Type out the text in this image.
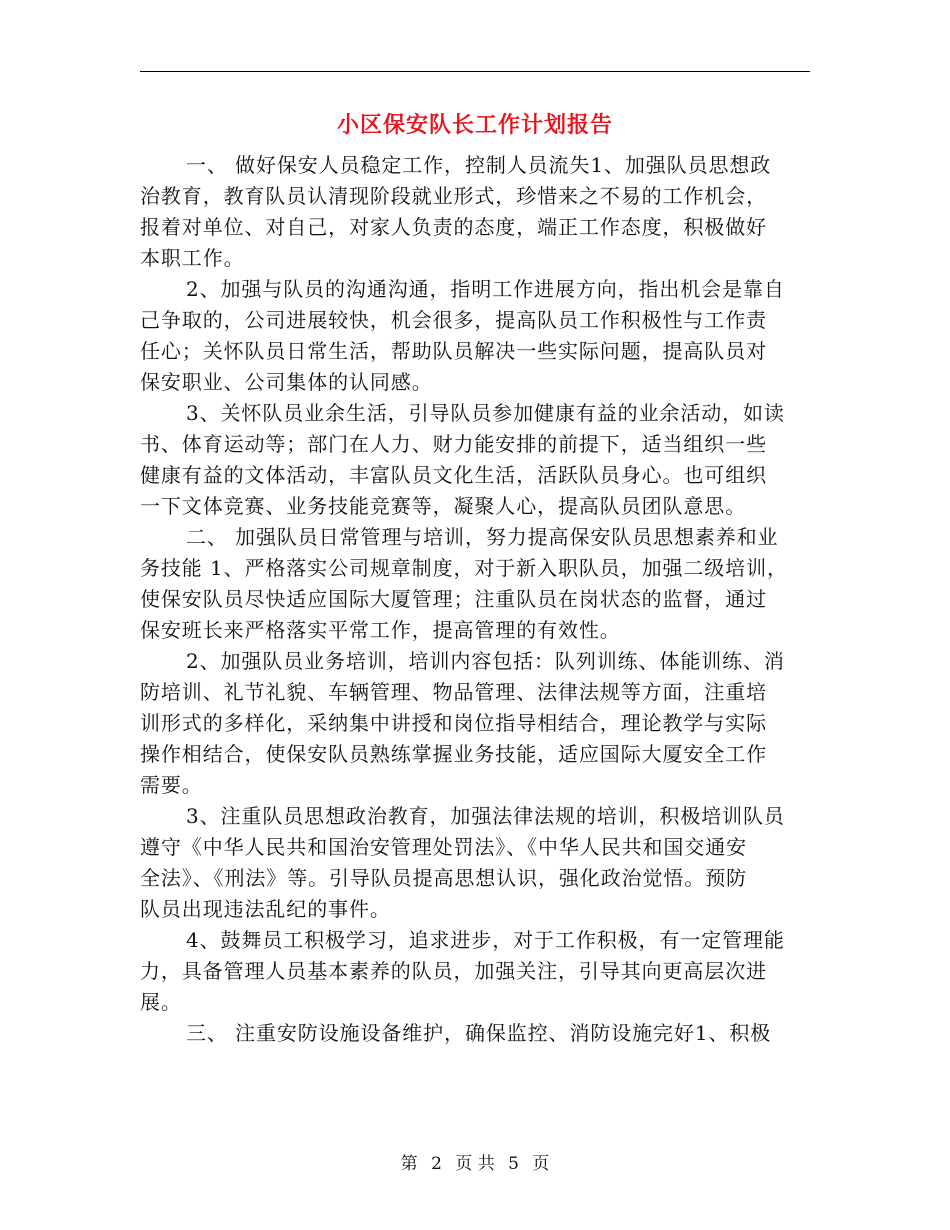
小区保安队长工作计划报告
一、 做好保安人员稳定工作，控制人员流失1、加强队员思想政
治教育，教育队员认清现阶段就业形式，珍惜来之不易的工作机会，
报着对单位、对自己，对家人负责的态度，端正工作态度，积极做好
本职工作。
2、加强与队员的沟通沟通，指明工作进展方向，指出机会是靠自
己争取的，公司进展较快，机会很多，提高队员工作积极性与工作责
任心；关怀队员日常生活，帮助队员解决一些实际问题，提高队员对
保安职业、公司集体的认同感。
3、关怀队员业余生活，引导队员参加健康有益的业余活动，如读
书、体育运动等；部门在人力、财力能安排的前提下，适当组织一些
健康有益的文体活动，丰富队员文化生活，活跃队员身心。也可组织
一下文体竞赛、业务技能竞赛等，凝聚人心，提高队员团队意思。
二、 加强队员日常管理与培训，努力提高保安队员思想素养和业
务技能 1、严格落实公司规章制度，对于新入职队员，加强二级培训，
使保安队员尽快适应国际大厦管理；注重队员在岗状态的监督，通过
保安班长来严格落实平常工作，提高管理的有效性。
2、加强队员业务培训，培训内容包括：队列训练、体能训练、消
防培训、礼节礼貌、车辆管理、物品管理、法律法规等方面，注重培
训形式的多样化，采纳集中讲授和岗位指导相结合，理论教学与实际
操作相结合，使保安队员熟练掌握业务技能，适应国际大厦安全工作
需要。
3、注重队员思想政治教育，加强法律法规的培训，积极培训队员
遵守《中华人民共和国治安管理处罚法》、《中华人民共和国交通安
全法》、《刑法》等。引导队员提高思想认识，强化政治觉悟。预防
队员出现违法乱纪的事件。
4、鼓舞员工积极学习，追求进步，对于工作积极，有一定管理能
力，具备管理人员基本素养的队员，加强关注，引导其向更高层次进
展。
三、 注重安防设施设备维护，确保监控、消防设施完好1、积极
第 2 页 共 5 页
